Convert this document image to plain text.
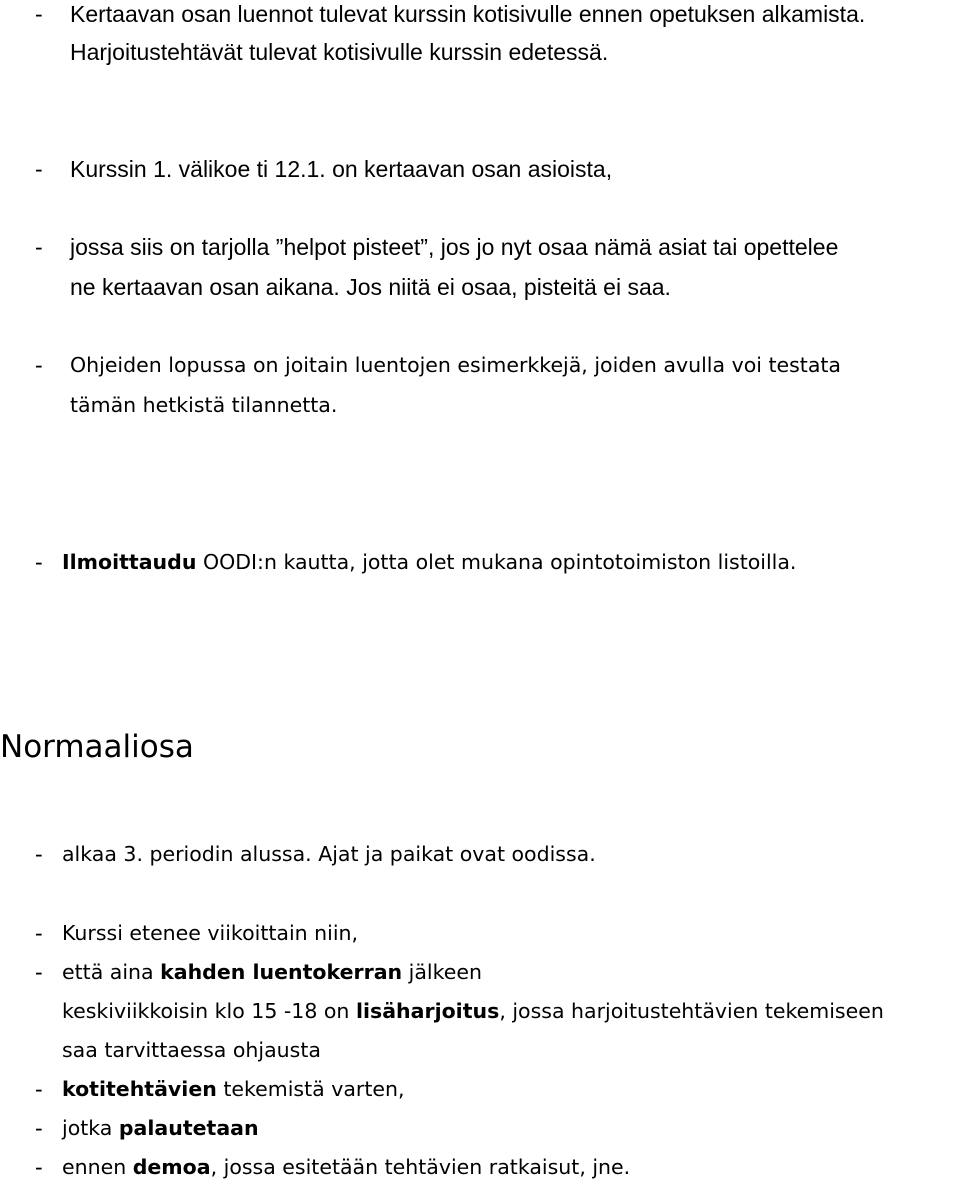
- Kertaavan osan luennot tulevat kurssin kotisivulle ennen opetuksen alkamista.
Harjoitustehtävät tulevat kotisivulle kurssin edetessä.
- Kurssin 1. välikoe ti 12.1. on kertaavan osan asioista,
- jossa siis on tarjolla ”helpot pisteet”, jos jo nyt osaa nämä asiat tai opettelee
ne kertaavan osan aikana. Jos niitä ei osaa, pisteitä ei saa.
- Ohjeiden lopussa on joitain luentojen esimerkkejä, joiden avulla voi testata
tämän hetkistä tilannetta.
- Ilmoittaudu OODI:n kautta, jotta olet mukana opintotoimiston listoilla.
Normaaliosa
- alkaa 3. periodin alussa. Ajat ja paikat ovat oodissa.
- Kurssi etenee viikoittain niin,
- että aina kahden luentokerran jälkeen
keskiviikkoisin klo 15 -18 on lisäharjoitus, jossa harjoitustehtävien tekemiseen
saa tarvittaessa ohjausta
- kotitehtävien tekemistä varten,
- jotka palautetaan
- ennen demoa, jossa esitetään tehtävien ratkaisut, jne.
